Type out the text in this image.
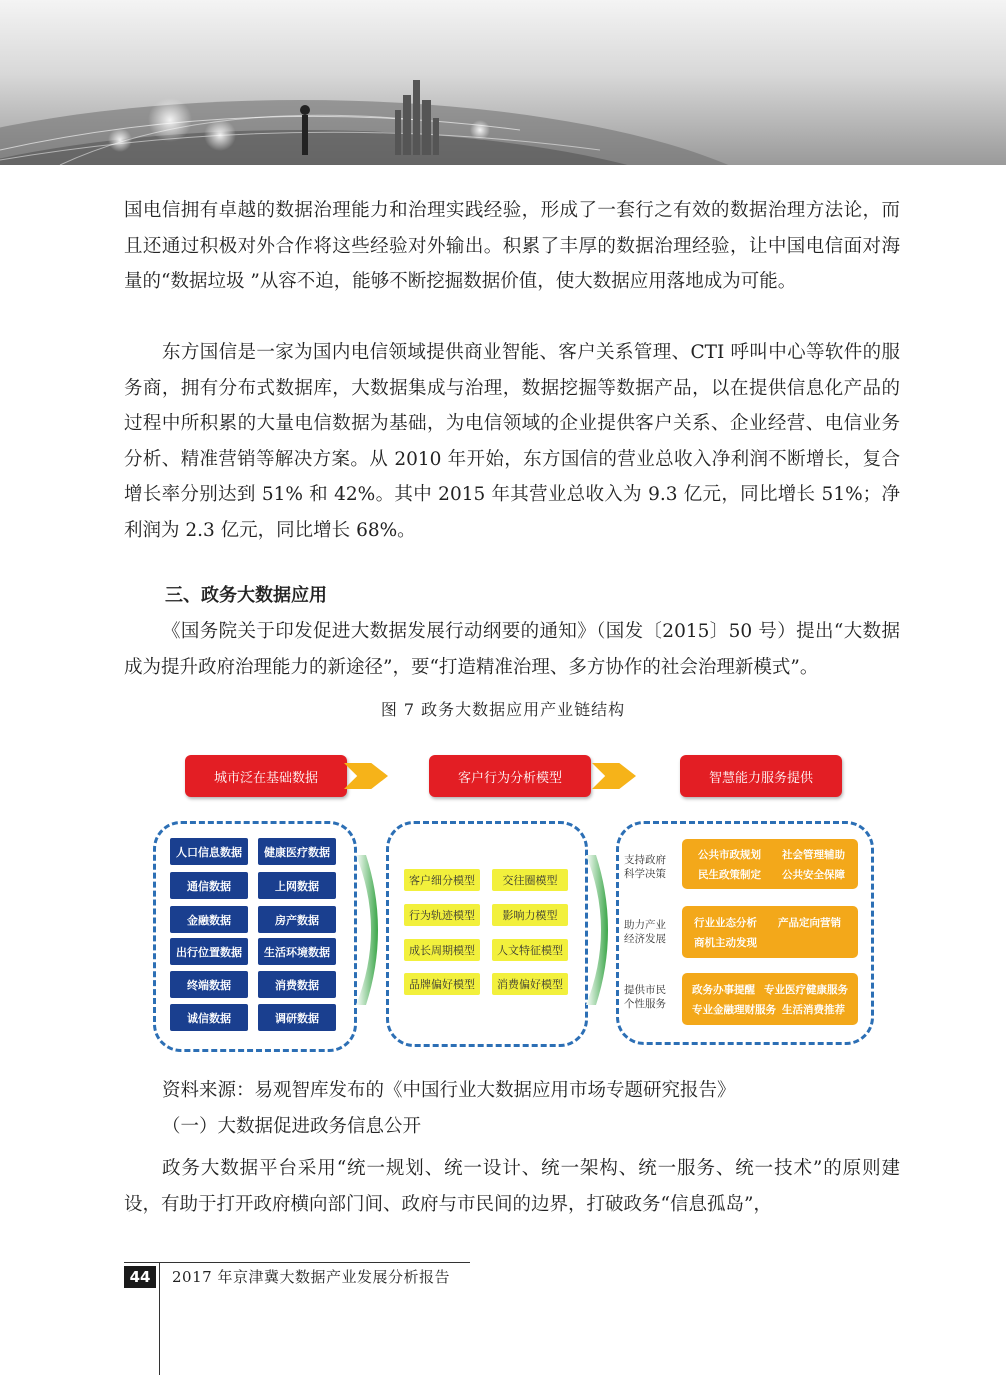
国电信拥有卓越的数据治理能力和治理实践经验，形成了一套行之有效的数据治理方法论，而且还通过积极对外合作将这些经验对外输出。积累了丰厚的数据治理经验，让中国电信面对海量的“数据垃圾 ”从容不迫，能够不断挖掘数据价值，使大数据应用落地成为可能。

东方国信是一家为国内电信领域提供商业智能、客户关系管理、CTI 呼叫中心等软件的服务商，拥有分布式数据库，大数据集成与治理，数据挖掘等数据产品，以在提供信息化产品的过程中所积累的大量电信数据为基础，为电信领域的企业提供客户关系、企业经营、电信业务分析、精准营销等解决方案。从 2010 年开始，东方国信的营业总收入净利润不断增长，复合增长率分别达到 51% 和 42%。其中 2015 年其营业总收入为 9.3 亿元，同比增长 51%；净利润为 2.3 亿元，同比增长 68%。

三、政务大数据应用

《国务院关于印发促进大数据发展行动纲要的通知》（国发〔2015〕50 号）提出“大数据成为提升政府治理能力的新途径”，要“打造精准治理、多方协作的社会治理新模式”。

图 7 政务大数据应用产业链结构
城市泛在基础数据	客户行为分析模型	智慧能力服务提供
人口信息数据	健康医疗数据
通信数据	上网数据
金融数据	房产数据
出行位置数据	生活环境数据
终端数据	消费数据
诚信数据	调研数据
客户细分模型	交往圈模型
行为轨迹模型	影响力模型
成长周期模型	人文特征模型
品牌偏好模型	消费偏好模型
支持政府科学决策
公共市政规划 社会管理辅助
民生政策制定 公共安全保障
助力产业经济发展
行业业态分析 产品定向营销
商机主动发现
提供市民个性服务
政务办事提醒 专业医疗健康服务
专业金融理财服务 生活消费推荐

资料来源：易观智库发布的《中国行业大数据应用市场专题研究报告》

（一）大数据促进政务信息公开

政务大数据平台采用“统一规划、统一设计、统一架构、统一服务、统一技术”的原则建设，有助于打开政府横向部门间、政府与市民间的边界，打破政务“信息孤岛”，

44	2017 年京津冀大数据产业发展分析报告
